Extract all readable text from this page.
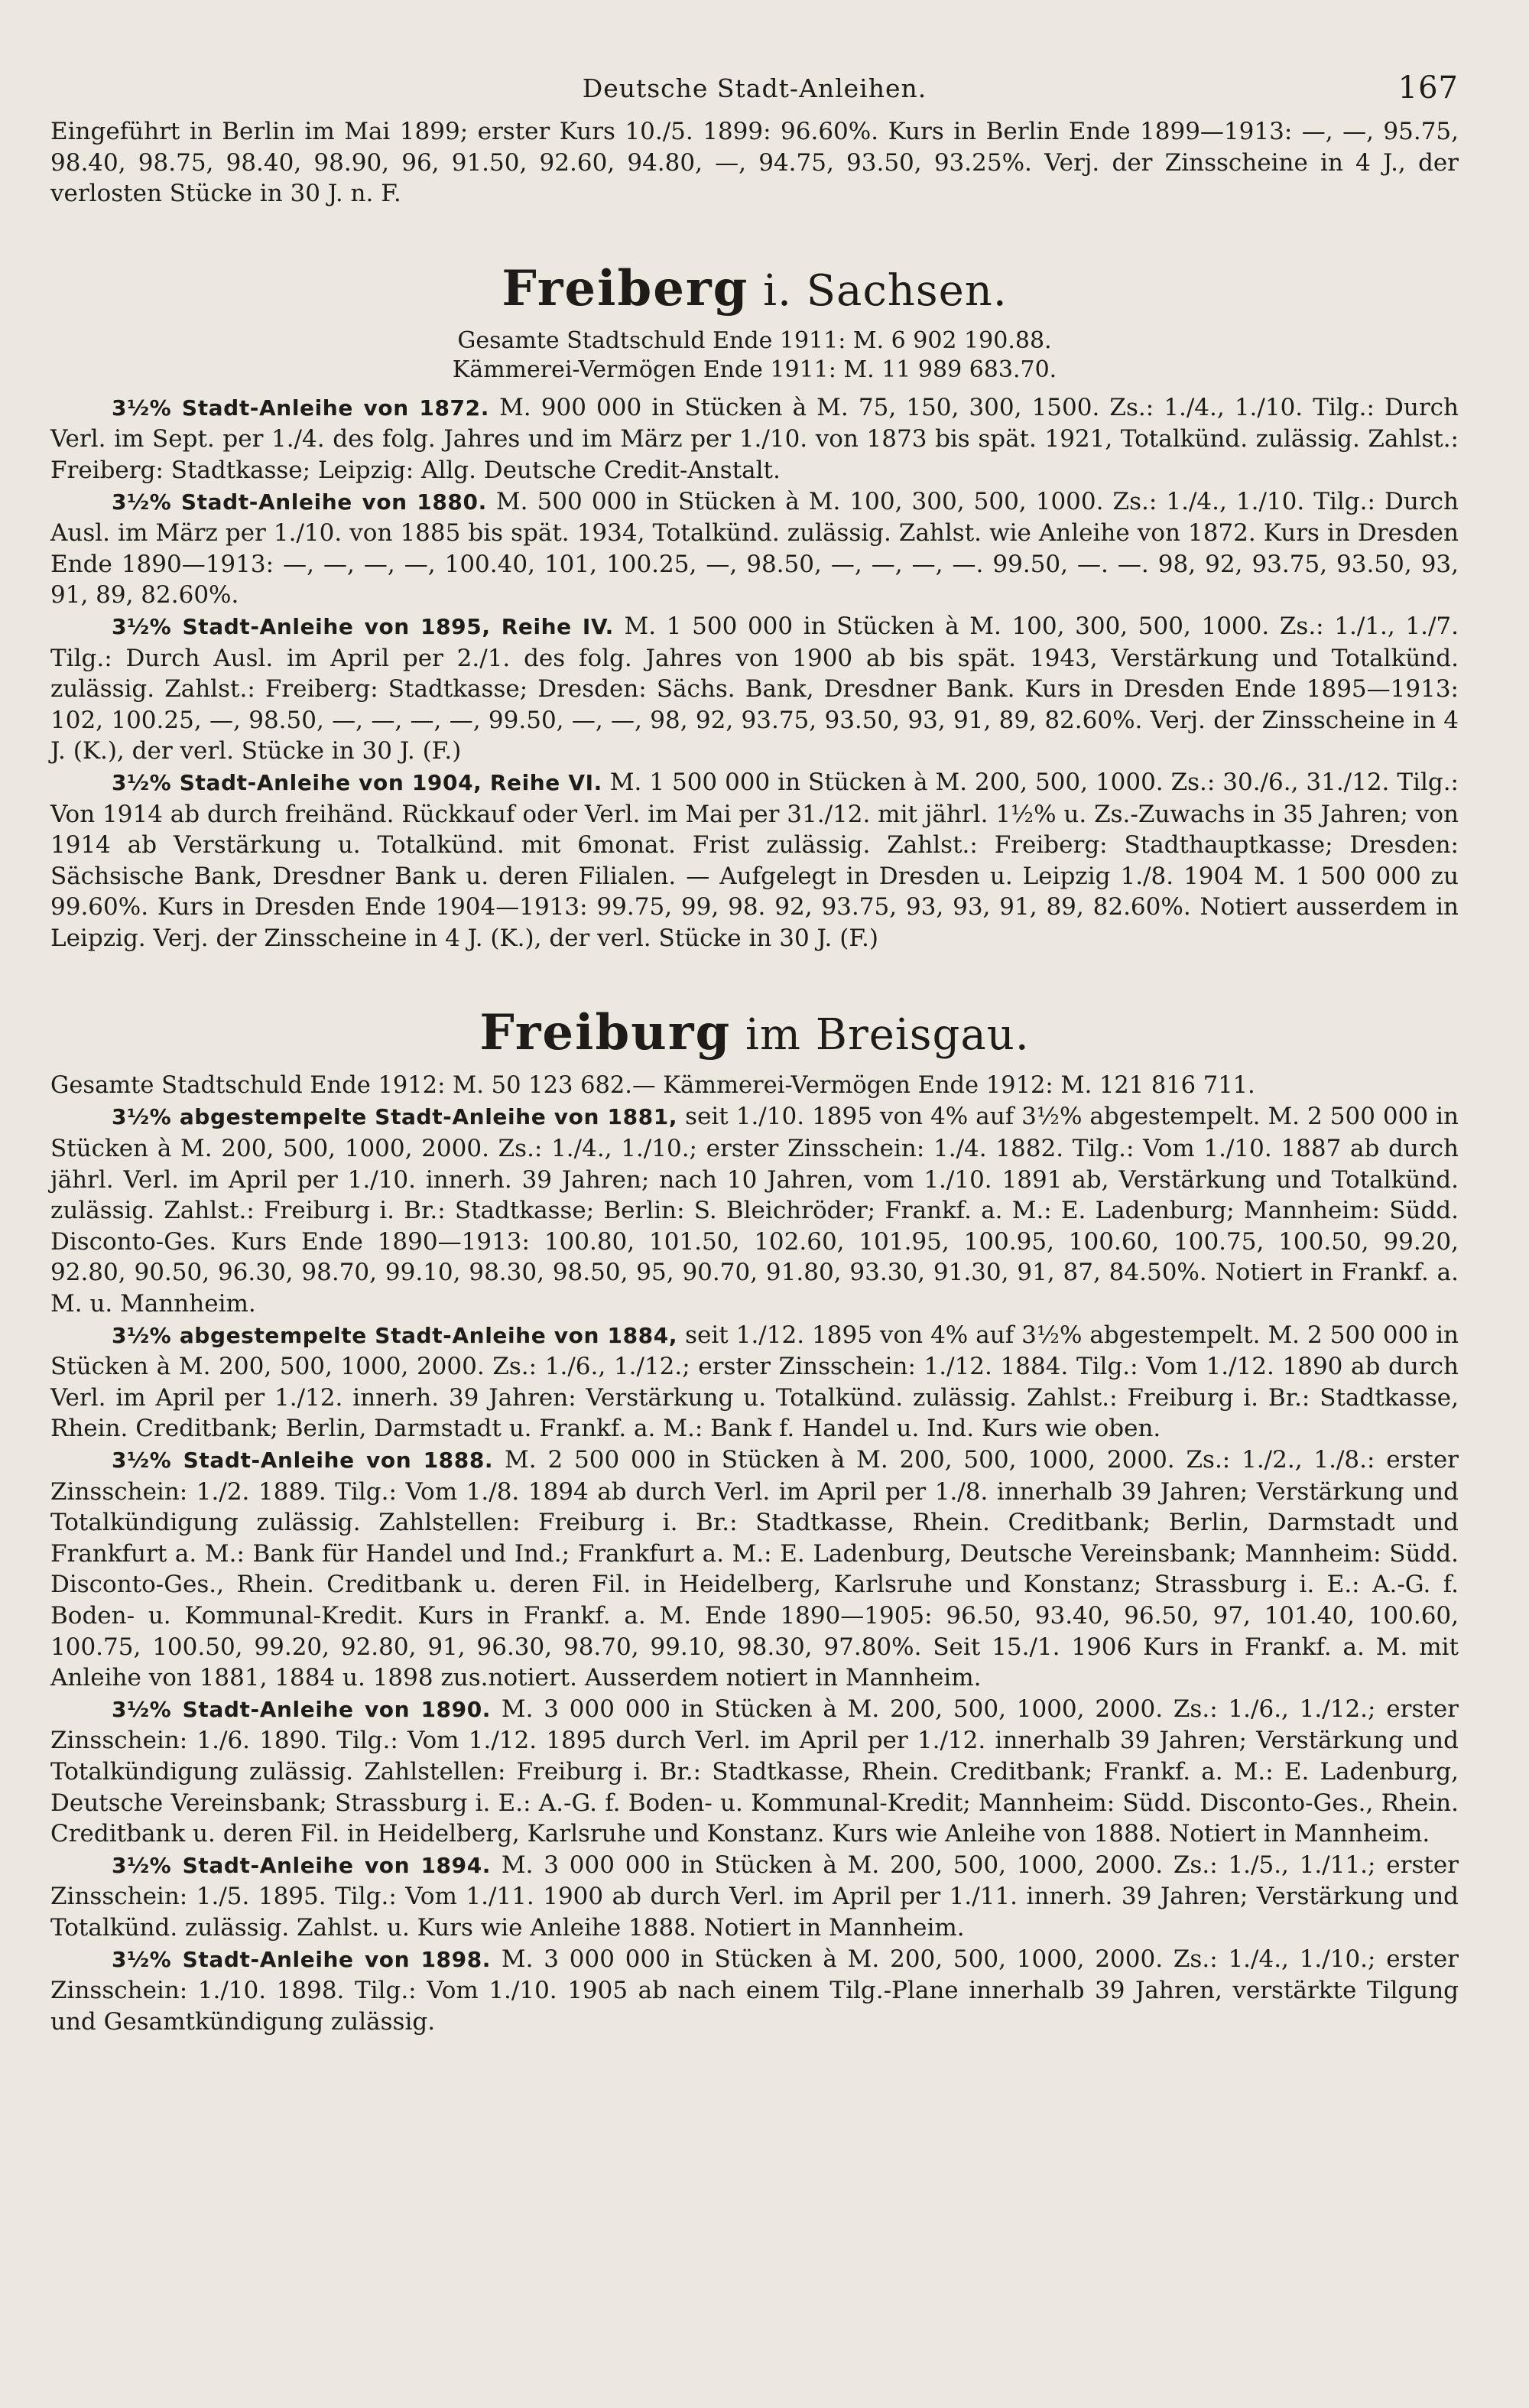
Deutsche Stadt-Anleihen.	167

Eingeführt in Berlin im Mai 1899; erster Kurs 10./5. 1899: 96.60%. Kurs in Berlin Ende 1899—1913: —, —, 95.75, 98.40, 98.75, 98.40, 98.90, 96, 91.50, 92.60, 94.80, —, 94.75, 93.50, 93.25%. Verj. der Zinsscheine in 4 J., der verlosten Stücke in 30 J. n. F.

Freiberg i. Sachsen.

Gesamte Stadtschuld Ende 1911: M. 6 902 190.88.

Kämmerei-Vermögen Ende 1911: M. 11 989 683.70.

3½% Stadt-Anleihe von 1872. M. 900 000 in Stücken à M. 75, 150, 300, 1500. Zs.: 1./4., 1./10. Tilg.: Durch Verl. im Sept. per 1./4. des folg. Jahres und im März per 1./10. von 1873 bis spät. 1921, Totalkünd. zulässig. Zahlst.: Freiberg: Stadtkasse; Leipzig: Allg. Deutsche Credit-Anstalt.

3½% Stadt-Anleihe von 1880. M. 500 000 in Stücken à M. 100, 300, 500, 1000. Zs.: 1./4., 1./10. Tilg.: Durch Ausl. im März per 1./10. von 1885 bis spät. 1934, Totalkünd. zulässig. Zahlst. wie Anleihe von 1872. Kurs in Dresden Ende 1890—1913: —, —, —, —, 100.40, 101, 100.25, —, 98.50, —, —, —, —. 99.50, —. —. 98, 92, 93.75, 93.50, 93, 91, 89, 82.60%.

3½% Stadt-Anleihe von 1895, Reihe IV. M. 1 500 000 in Stücken à M. 100, 300, 500, 1000. Zs.: 1./1., 1./7. Tilg.: Durch Ausl. im April per 2./1. des folg. Jahres von 1900 ab bis spät. 1943, Verstärkung und Totalkünd. zulässig. Zahlst.: Freiberg: Stadtkasse; Dresden: Sächs. Bank, Dresdner Bank. Kurs in Dresden Ende 1895—1913: 102, 100.25, —, 98.50, —, —, —, —, 99.50, —, —, 98, 92, 93.75, 93.50, 93, 91, 89, 82.60%. Verj. der Zinsscheine in 4 J. (K.), der verl. Stücke in 30 J. (F.)

3½% Stadt-Anleihe von 1904, Reihe VI. M. 1 500 000 in Stücken à M. 200, 500, 1000. Zs.: 30./6., 31./12. Tilg.: Von 1914 ab durch freihänd. Rückkauf oder Verl. im Mai per 31./12. mit jährl. 1½% u. Zs.-Zuwachs in 35 Jahren; von 1914 ab Verstärkung u. Totalkünd. mit 6monat. Frist zulässig. Zahlst.: Freiberg: Stadthauptkasse; Dresden: Sächsische Bank, Dresdner Bank u. deren Filialen. — Aufgelegt in Dresden u. Leipzig 1./8. 1904 M. 1 500 000 zu 99.60%. Kurs in Dresden Ende 1904—1913: 99.75, 99, 98. 92, 93.75, 93, 93, 91, 89, 82.60%. Notiert ausserdem in Leipzig. Verj. der Zinsscheine in 4 J. (K.), der verl. Stücke in 30 J. (F.)

Freiburg im Breisgau.

Gesamte Stadtschuld Ende 1912: M. 50 123 682.— Kämmerei-Vermögen Ende 1912: M. 121 816 711.

3½% abgestempelte Stadt-Anleihe von 1881, seit 1./10. 1895 von 4% auf 3½% abgestempelt. M. 2 500 000 in Stücken à M. 200, 500, 1000, 2000. Zs.: 1./4., 1./10.; erster Zinsschein: 1./4. 1882. Tilg.: Vom 1./10. 1887 ab durch jährl. Verl. im April per 1./10. innerh. 39 Jahren; nach 10 Jahren, vom 1./10. 1891 ab, Verstärkung und Totalkünd. zulässig. Zahlst.: Freiburg i. Br.: Stadtkasse; Berlin: S. Bleichröder; Frankf. a. M.: E. Ladenburg; Mannheim: Südd. Disconto-Ges. Kurs Ende 1890—1913: 100.80, 101.50, 102.60, 101.95, 100.95, 100.60, 100.75, 100.50, 99.20, 92.80, 90.50, 96.30, 98.70, 99.10, 98.30, 98.50, 95, 90.70, 91.80, 93.30, 91.30, 91, 87, 84.50%. Notiert in Frankf. a. M. u. Mannheim.

3½% abgestempelte Stadt-Anleihe von 1884, seit 1./12. 1895 von 4% auf 3½% abgestempelt. M. 2 500 000 in Stücken à M. 200, 500, 1000, 2000. Zs.: 1./6., 1./12.; erster Zinsschein: 1./12. 1884. Tilg.: Vom 1./12. 1890 ab durch Verl. im April per 1./12. innerh. 39 Jahren: Verstärkung u. Totalkünd. zulässig. Zahlst.: Freiburg i. Br.: Stadtkasse, Rhein. Creditbank; Berlin, Darmstadt u. Frankf. a. M.: Bank f. Handel u. Ind. Kurs wie oben.

3½% Stadt-Anleihe von 1888. M. 2 500 000 in Stücken à M. 200, 500, 1000, 2000. Zs.: 1./2., 1./8.: erster Zinsschein: 1./2. 1889. Tilg.: Vom 1./8. 1894 ab durch Verl. im April per 1./8. innerhalb 39 Jahren; Verstärkung und Totalkündigung zulässig. Zahlstellen: Freiburg i. Br.: Stadtkasse, Rhein. Creditbank; Berlin, Darmstadt und Frankfurt a. M.: Bank für Handel und Ind.; Frankfurt a. M.: E. Ladenburg, Deutsche Vereinsbank; Mannheim: Südd. Disconto-Ges., Rhein. Creditbank u. deren Fil. in Heidelberg, Karlsruhe und Konstanz; Strassburg i. E.: A.-G. f. Boden- u. Kommunal-Kredit. Kurs in Frankf. a. M. Ende 1890—1905: 96.50, 93.40, 96.50, 97, 101.40, 100.60, 100.75, 100.50, 99.20, 92.80, 91, 96.30, 98.70, 99.10, 98.30, 97.80%. Seit 15./1. 1906 Kurs in Frankf. a. M. mit Anleihe von 1881, 1884 u. 1898 zus.notiert. Ausserdem notiert in Mannheim.

3½% Stadt-Anleihe von 1890. M. 3 000 000 in Stücken à M. 200, 500, 1000, 2000. Zs.: 1./6., 1./12.; erster Zinsschein: 1./6. 1890. Tilg.: Vom 1./12. 1895 durch Verl. im April per 1./12. innerhalb 39 Jahren; Verstärkung und Totalkündigung zulässig. Zahlstellen: Freiburg i. Br.: Stadtkasse, Rhein. Creditbank; Frankf. a. M.: E. Ladenburg, Deutsche Vereinsbank; Strassburg i. E.: A.-G. f. Boden- u. Kommunal-Kredit; Mannheim: Südd. Disconto-Ges., Rhein. Creditbank u. deren Fil. in Heidelberg, Karlsruhe und Konstanz. Kurs wie Anleihe von 1888. Notiert in Mannheim.

3½% Stadt-Anleihe von 1894. M. 3 000 000 in Stücken à M. 200, 500, 1000, 2000. Zs.: 1./5., 1./11.; erster Zinsschein: 1./5. 1895. Tilg.: Vom 1./11. 1900 ab durch Verl. im April per 1./11. innerh. 39 Jahren; Verstärkung und Totalkünd. zulässig. Zahlst. u. Kurs wie Anleihe 1888. Notiert in Mannheim.

3½% Stadt-Anleihe von 1898. M. 3 000 000 in Stücken à M. 200, 500, 1000, 2000. Zs.: 1./4., 1./10.; erster Zinsschein: 1./10. 1898. Tilg.: Vom 1./10. 1905 ab nach einem Tilg.-Plane innerhalb 39 Jahren, verstärkte Tilgung und Gesamtkündigung zulässig.
